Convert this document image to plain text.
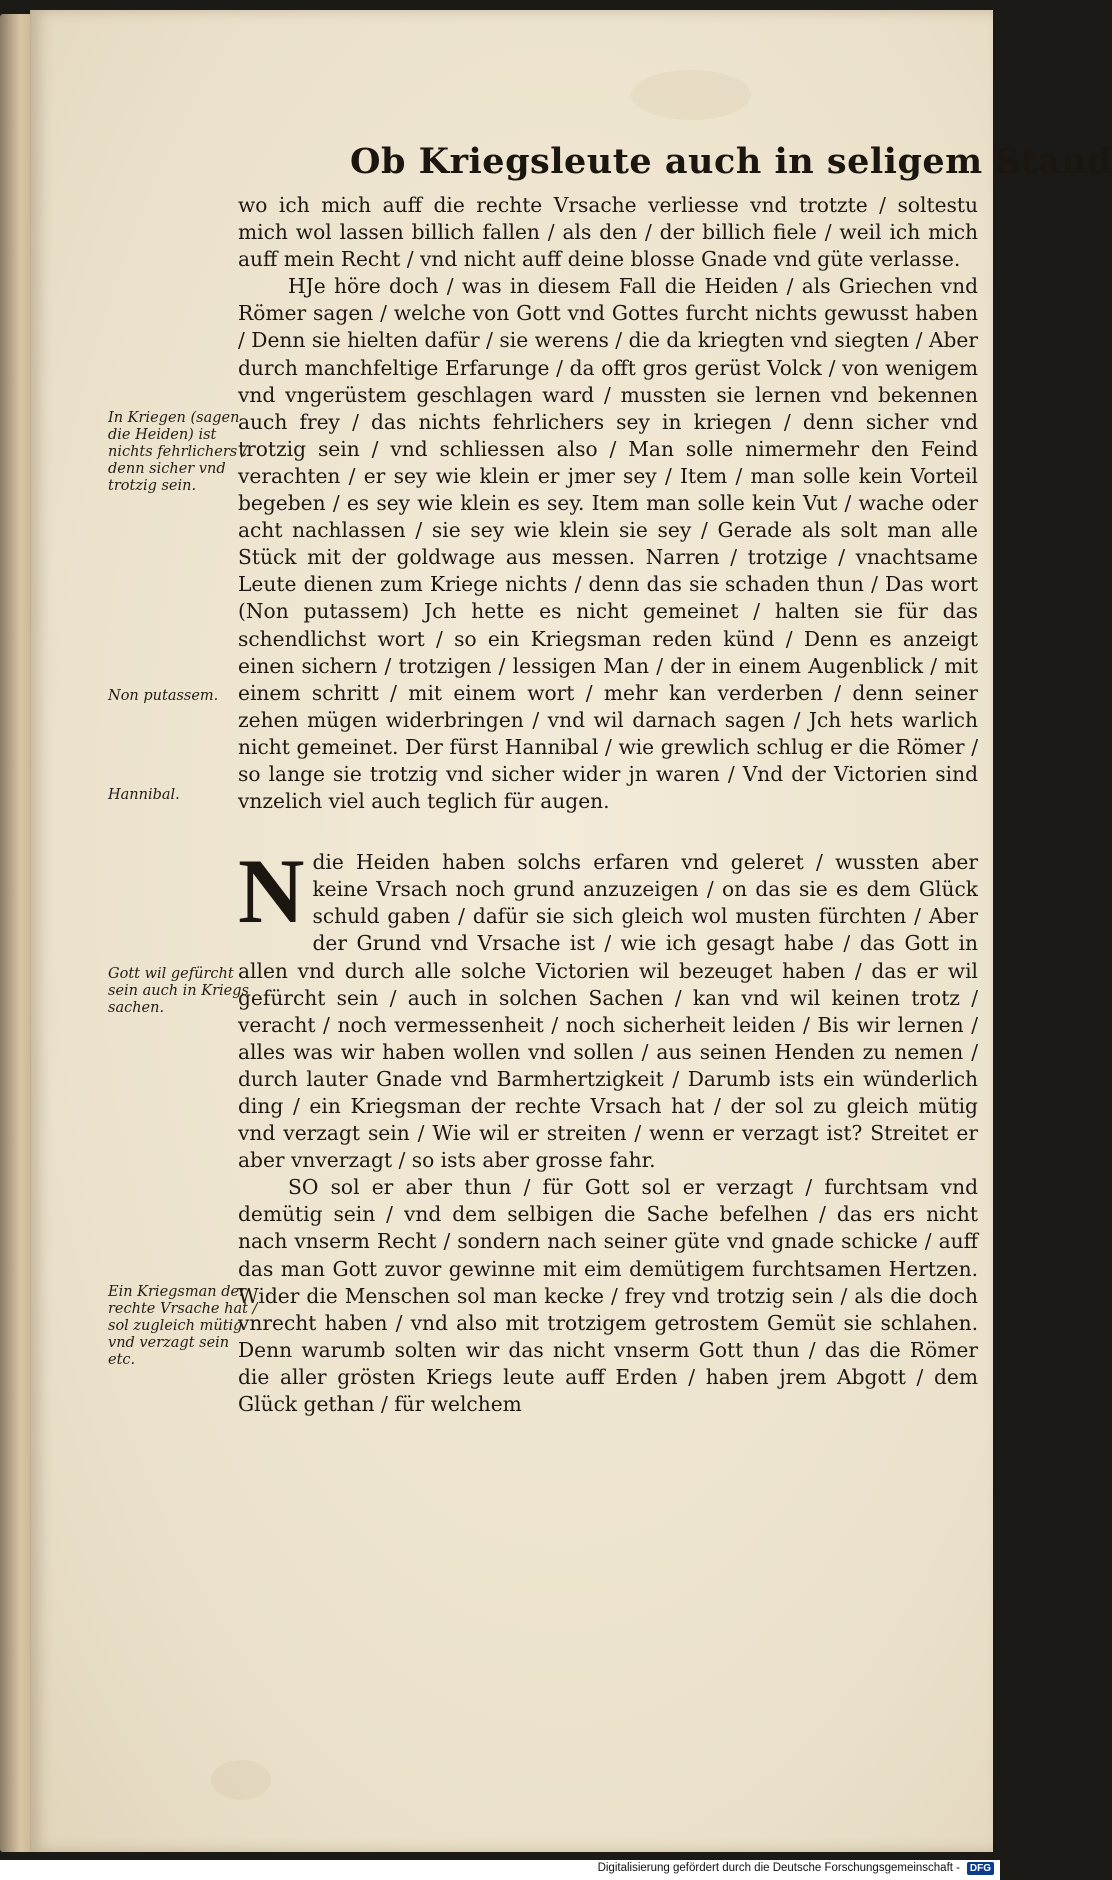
Ob Kriegsleute auch in seligem Stand

wo ich mich auff die rechte Vrsache verliesse vnd trotzte / soltestu mich wol lassen billich fallen / als den / der billich fiele / weil ich mich auff mein Recht / vnd nicht auff deine blosse Gnade vnd güte verlasse.

HJe höre doch / was in diesem Fall die Heiden / als Griechen vnd Römer sagen / welche von Gott vnd Gottes furcht nichts gewusst haben / Denn sie hielten dafür / sie werens / die da kriegten vnd siegten / Aber durch manchfeltige Erfarunge / da offt gros gerüst Volck / von wenigem vnd vngerüstem geschlagen ward / mussten sie lernen vnd bekennen auch frey / das nichts fehrlichers sey in kriegen / denn sicher vnd trotzig sein / vnd schliessen also / Man solle nimermehr den Feind verachten / er sey wie klein er jmer sey / Item / man solle kein Vorteil begeben / es sey wie klein es sey. Item man solle kein Vut / wache oder acht nachlassen / sie sey wie klein sie sey / Gerade als solt man alle Stück mit der goldwage aus messen. Narren / trotzige / vnachtsame Leute dienen zum Kriege nichts / denn das sie schaden thun / Das wort (Non putassem) Jch hette es nicht gemeinet / halten sie für das schendlichst wort / so ein Kriegsman reden künd / Denn es anzeigt einen sichern / trotzigen / lessigen Man / der in einem Augenblick / mit einem schritt / mit einem wort / mehr kan verderben / denn seiner zehen mügen widerbringen / vnd wil darnach sagen / Jch hets warlich nicht gemeinet. Der fürst Hannibal / wie grewlich schlug er die Römer / so lange sie trotzig vnd sicher wider jn waren / Vnd der Victorien sind vnzelich viel auch teglich für augen.

N die Heiden haben solchs erfaren vnd geleret / wussten aber keine Vrsach noch grund anzuzeigen / on das sie es dem Glück schuld gaben / dafür sie sich gleich wol musten fürchten / Aber der Grund vnd Vrsache ist / wie ich gesagt habe / das Gott in allen vnd durch alle solche Victorien wil bezeuget haben / das er wil gefürcht sein / auch in solchen Sachen / kan vnd wil keinen trotz / veracht / noch vermessenheit / noch sicherheit leiden / Bis wir lernen / alles was wir haben wollen vnd sollen / aus seinen Henden zu nemen / durch lauter Gnade vnd Barmhertzigkeit / Darumb ists ein wünderlich ding / ein Kriegsman der rechte Vrsach hat / der sol zu gleich mütig vnd verzagt sein / Wie wil er streiten / wenn er verzagt ist? Streitet er aber vnverzagt / so ists aber grosse fahr.

SO sol er aber thun / für Gott sol er verzagt / furchtsam vnd demütig sein / vnd dem selbigen die Sache befelhen / das ers nicht nach vnserm Recht / sondern nach seiner güte vnd gnade schicke / auff das man Gott zuvor gewinne mit eim demütigem furchtsamen Hertzen. Wider die Menschen sol man kecke / frey vnd trotzig sein / als die doch vnrecht haben / vnd also mit trotzigem getrostem Gemüt sie schlahen. Denn warumb solten wir das nicht vnserm Gott thun / das die Römer die aller grösten Kriegs leute auff Erden / haben jrem Abgott / dem Glück gethan / für welchem

In Kriegen (sagen die Heiden) ist nichts fehrlichers / denn sicher vnd trotzig sein.
Non putassem.
Hannibal.
Gott wil gefürcht sein auch in Kriegs sachen.
Ein Kriegsman der rechte Vrsache hat / sol zugleich mütig vnd verzagt sein etc.
Digitalisierung gefördert durch die Deutsche Forschungsgemeinschaft - DFG
